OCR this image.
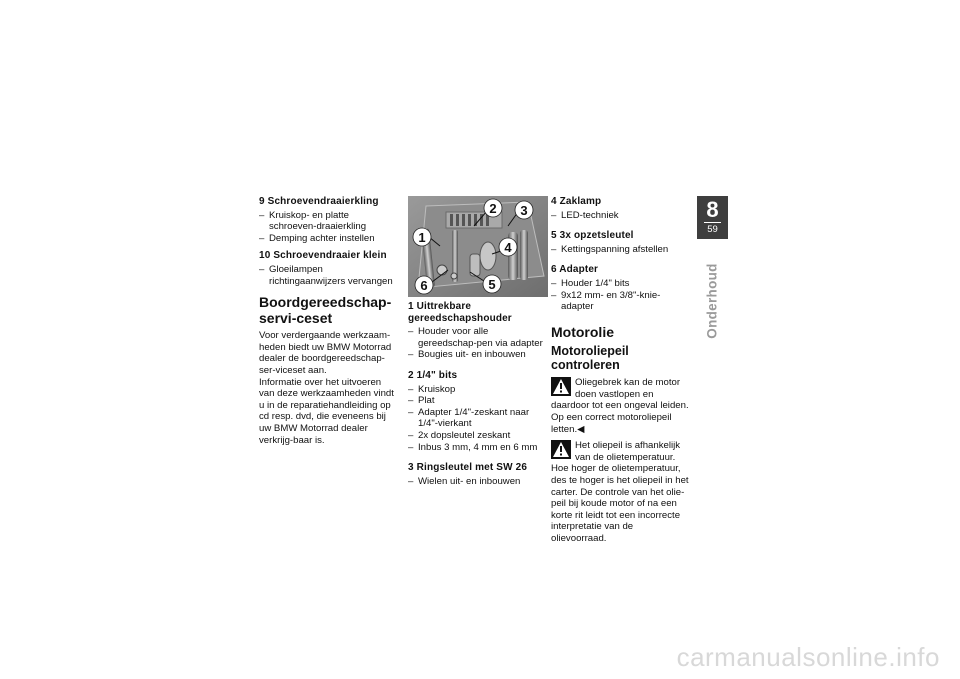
9 Schroevendraaierkling
– Kruiskop- en platte schroeven-draaierkling
– Demping achter instellen
10 Schroevendraaier klein
– Gloeilampen richtingaanwijzers vervangen
Boordgereedschap-servi-ceset

Voor verdergaande werkzaam-heden biedt uw BMW Motorrad dealer de boordgereedschap-ser-viceset aan.

Informatie over het uitvoeren van deze werkzaamheden vindt u in de reparatiehandleiding op cd resp. dvd, die eveneens bij uw BMW Motorrad dealer verkrijg-baar is.

1
2 3
4
5
6
1 Uittrekbare gereedschapshouder
– Houder voor alle gereedschap-pen via adapter
– Bougies uit- en inbouwen
2 1/4" bits
– Kruiskop
– Plat
– Adapter 1/4"-zeskant naar 1/4"-vierkant
– 2x dopsleutel zeskant
– Inbus 3 mm, 4 mm en 6 mm
3 Ringsleutel met SW 26
– Wielen uit- en inbouwen
4 Zaklamp
– LED-techniek
5 3x opzetsleutel
– Kettingspanning afstellen
6 Adapter
– Houder 1/4" bits
– 9x12 mm- en 3/8"-knie-adapter
Motorolie
Motoroliepeil controleren

Oliegebrek kan de motor doen vastlopen en daardoor tot een ongeval leiden.

Op een correct motoroliepeil letten.◀

Het oliepeil is afhankelijk van de olietemperatuur.

Hoe hoger de olietemperatuur, des te hoger is het oliepeil in het carter. De controle van het olie-peil bij koude motor of na een korte rit leidt tot een incorrecte interpretatie van de olievoorraad.

8
59
Onderhoud
carmanualsonline.info
